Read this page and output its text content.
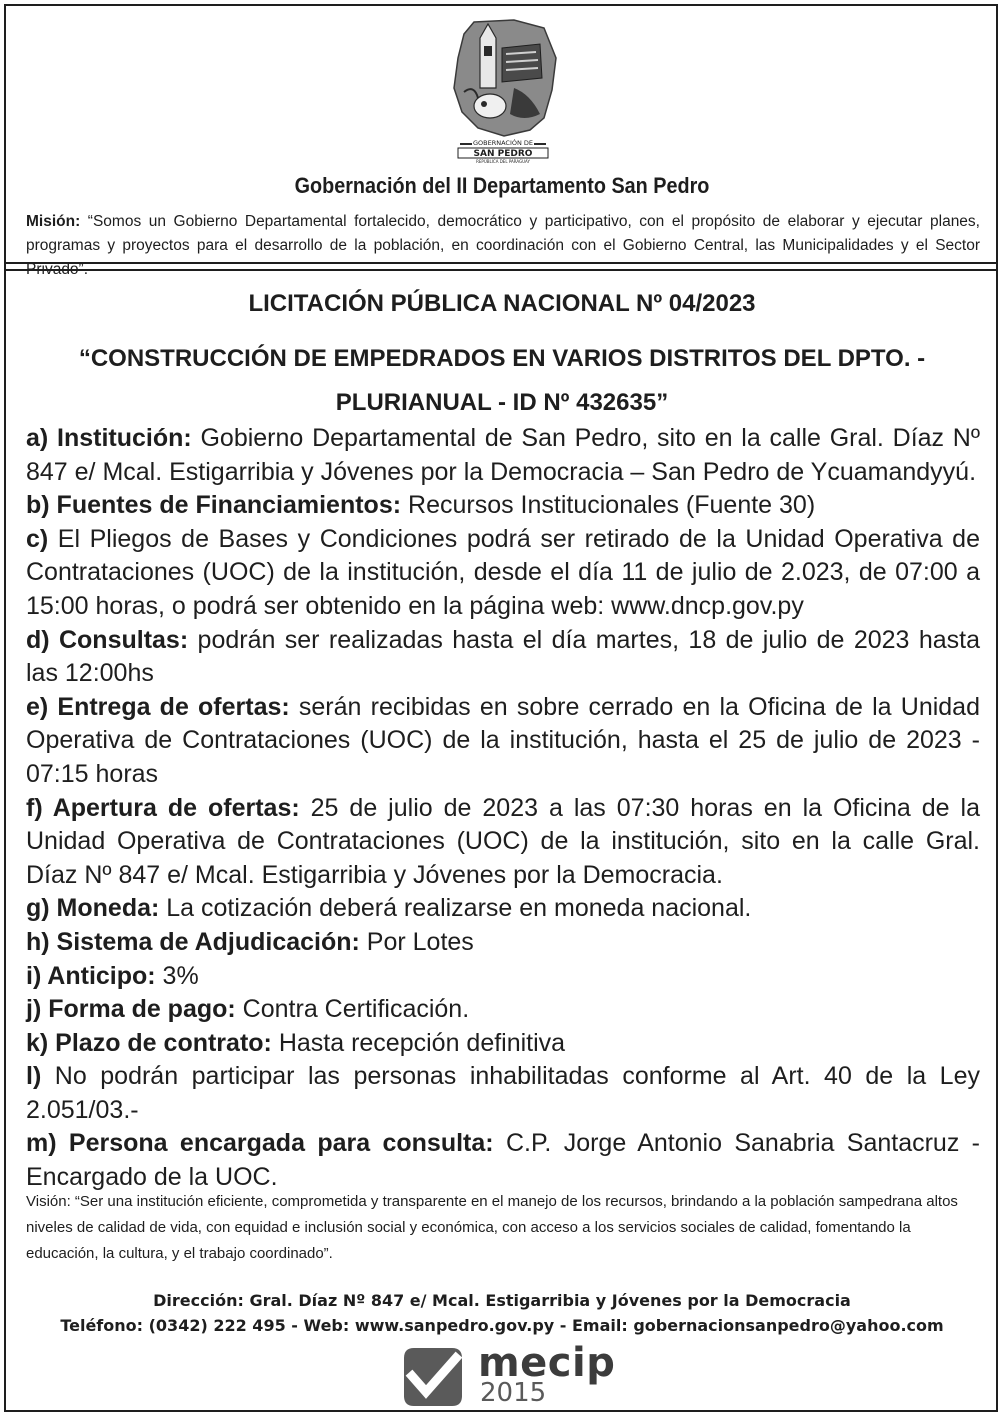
GOBERNACIÓN DE
SAN PEDRO
REPÚBLICA DEL PARAGUAY
Gobernación del II Departamento San Pedro
Misión: “Somos un Gobierno Departamental fortalecido, democrático y participativo, con el propósito de elaborar y ejecutar planes, programas y proyectos para el desarrollo de la población, en coordinación con el Gobierno Central, las Municipalidades y el Sector Privado”.
LICITACIÓN PÚBLICA NACIONAL Nº 04/2023
“CONSTRUCCIÓN DE EMPEDRADOS EN VARIOS DISTRITOS DEL DPTO. - PLURIANUAL - ID Nº 432635”

a) Institución: Gobierno Departamental de San Pedro, sito en la calle Gral. Díaz Nº 847 e/ Mcal. Estigarribia y Jóvenes por la Democracia – San Pedro de Ycuamandyyú.

b) Fuentes de Financiamientos: Recursos Institucionales (Fuente 30)

c) El Pliegos de Bases y Condiciones podrá ser retirado de la Unidad Operativa de Contrataciones (UOC) de la institución, desde el día 11 de julio de 2.023, de 07:00 a 15:00 horas, o podrá ser obtenido en la página web: www.dncp.gov.py

d) Consultas: podrán ser realizadas hasta el día martes, 18 de julio de 2023 hasta las 12:00hs

e) Entrega de ofertas: serán recibidas en sobre cerrado en la Oficina de la Unidad Operativa de Contrataciones (UOC) de la institución, hasta el 25 de julio de 2023 - 07:15 horas

f) Apertura de ofertas: 25 de julio de 2023 a las 07:30 horas en la Oficina de la Unidad Operativa de Contrataciones (UOC) de la institución, sito en la calle Gral. Díaz Nº 847 e/ Mcal. Estigarribia y Jóvenes por la Democracia.

g) Moneda: La cotización deberá realizarse en moneda nacional.

h) Sistema de Adjudicación: Por Lotes

i) Anticipo: 3%

j) Forma de pago: Contra Certificación.

k) Plazo de contrato: Hasta recepción definitiva

l) No podrán participar las personas inhabilitadas conforme al Art. 40 de la Ley 2.051/03.-

m) Persona encargada para consulta: C.P. Jorge Antonio Sanabria Santacruz - Encargado de la UOC.

Visión: “Ser una institución eficiente, comprometida y transparente en el manejo de los recursos, brindando a la población sampedrana altos niveles de calidad de vida, con equidad e inclusión social y económica, con acceso a los servicios sociales de calidad, fomentando la educación, la cultura, y el trabajo coordinado”.
Dirección: Gral. Díaz Nº 847 e/ Mcal. Estigarribia y Jóvenes por la Democracia
Teléfono: (0342) 222 495 - Web: www.sanpedro.gov.py - Email: gobernacionsanpedro@yahoo.com
mecip
2015
